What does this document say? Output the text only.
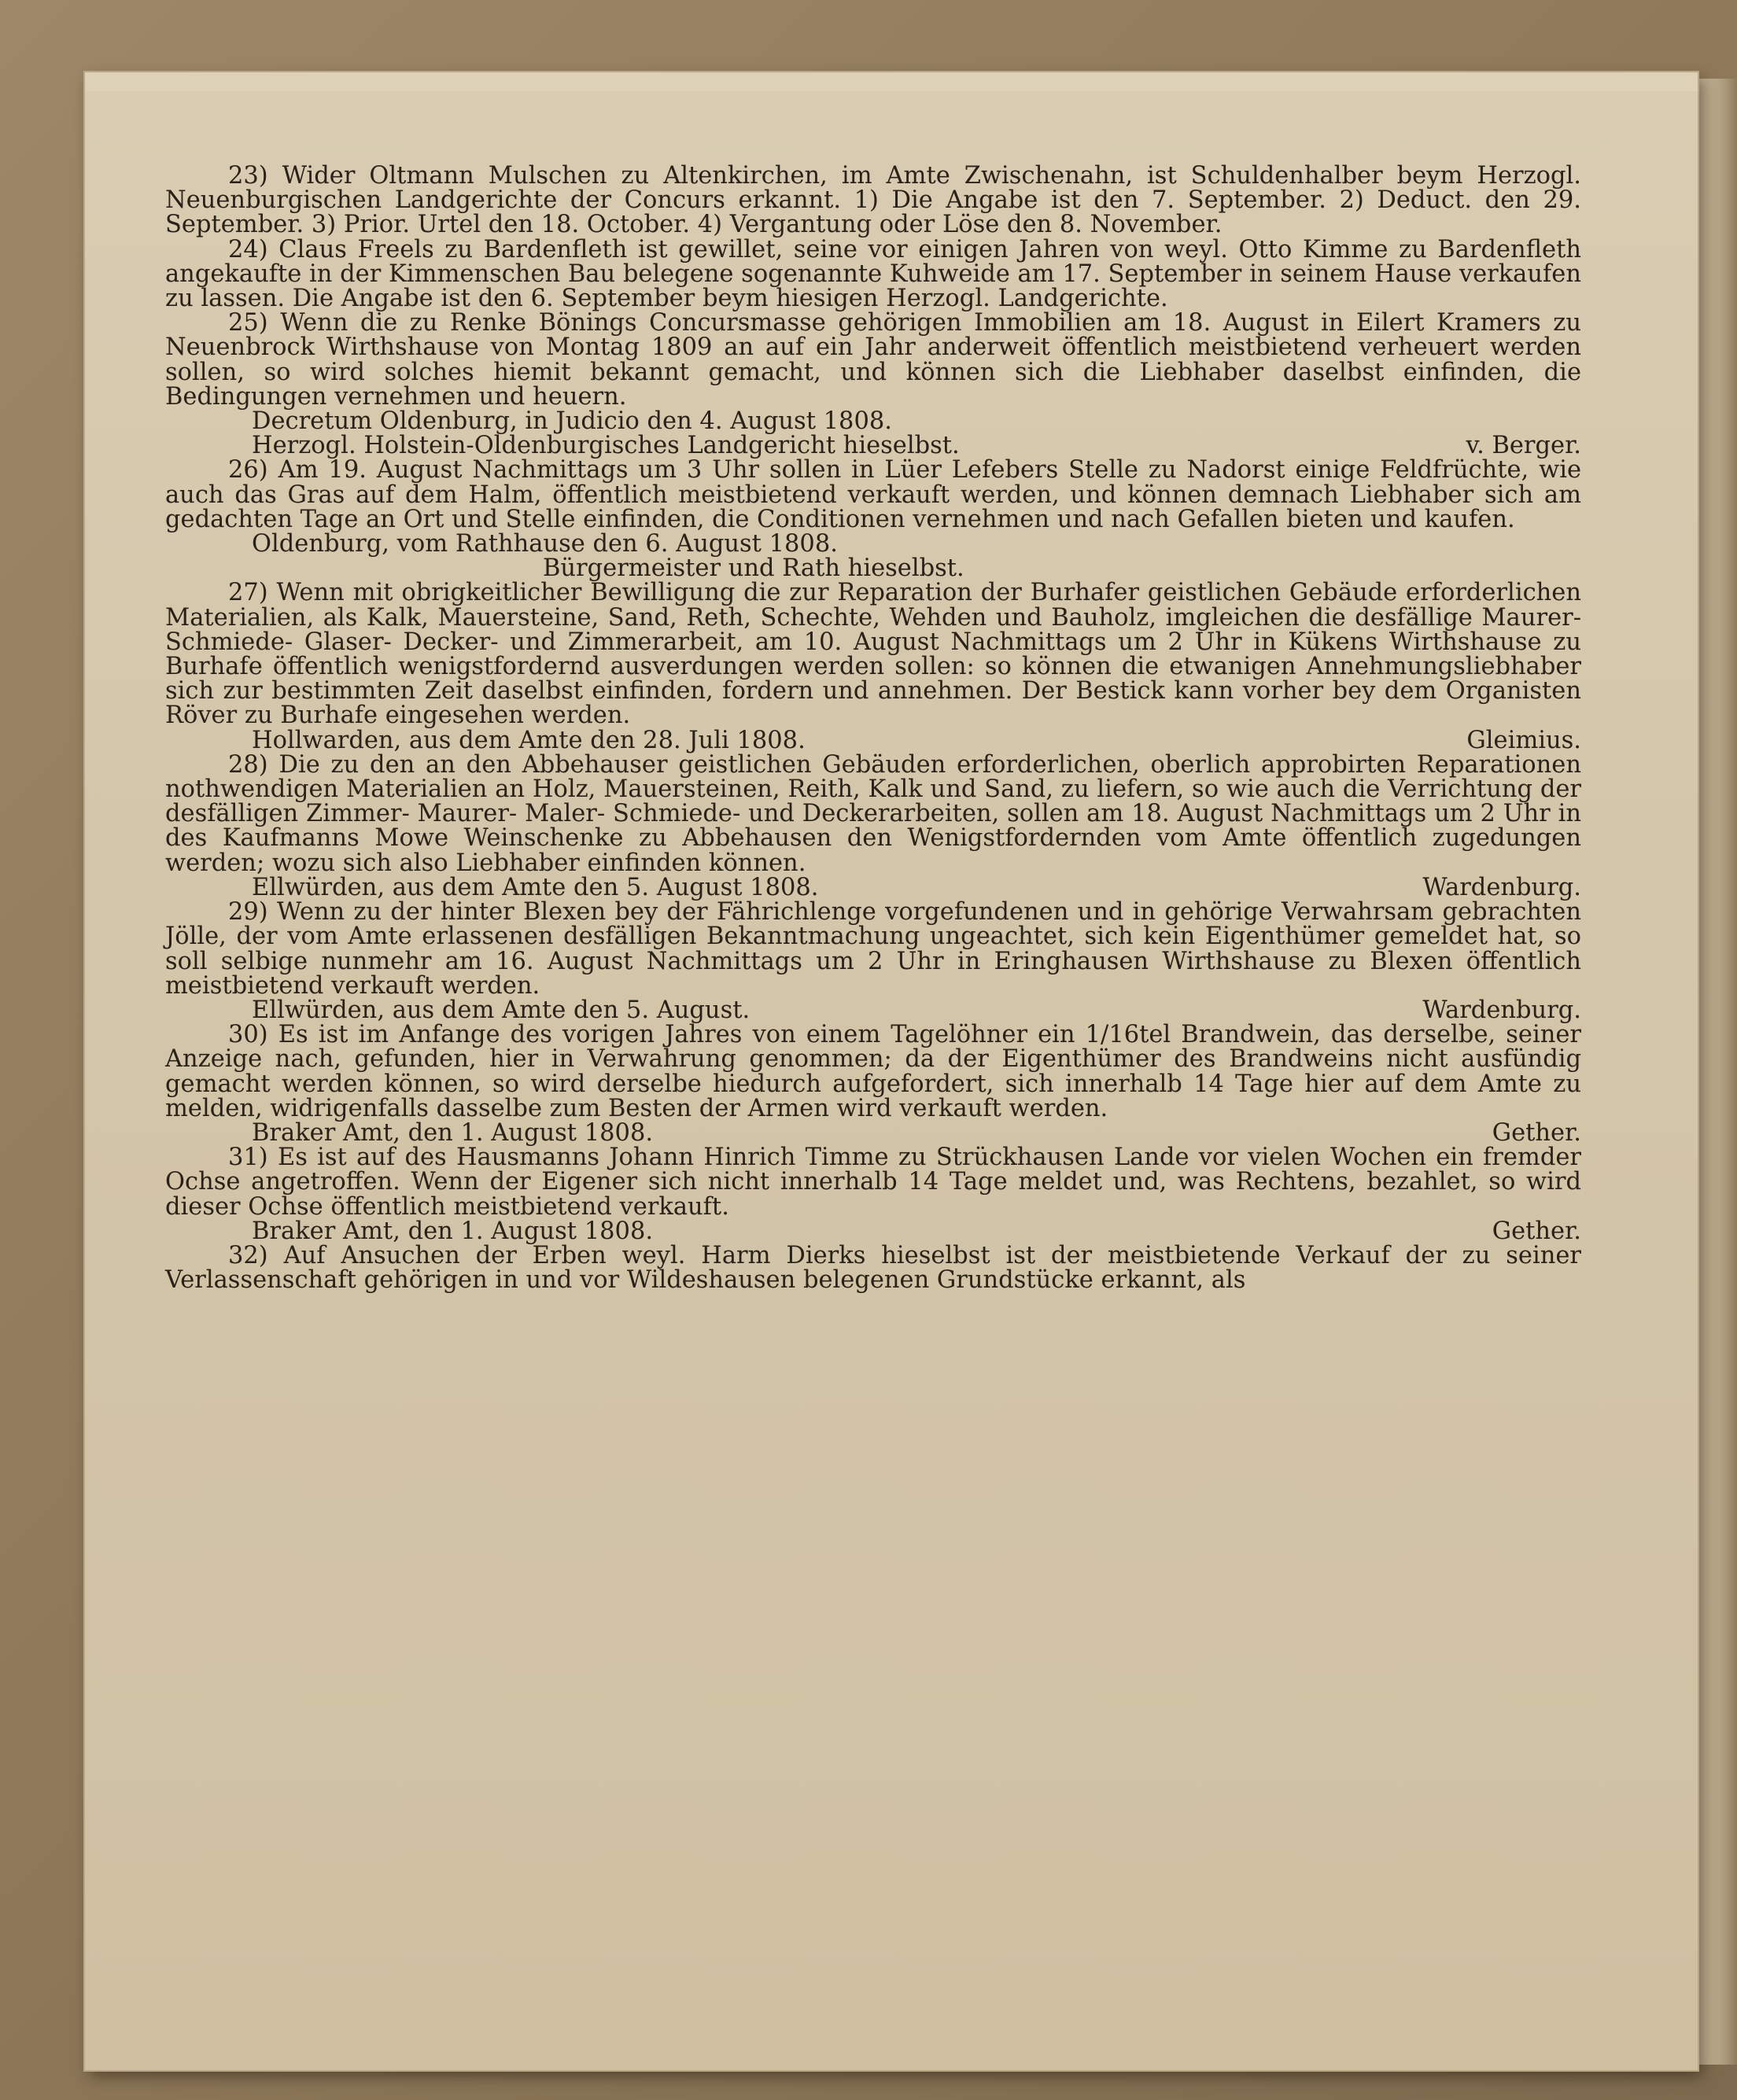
23) Wider Oltmann Mulschen zu Altenkirchen, im Amte Zwischenahn, ist Schuldenhalber beym Herzogl. Neuenburgischen Landgerichte der Concurs erkannt. 1) Die Angabe ist den 7. September. 2) Deduct. den 29. September. 3) Prior. Urtel den 18. October. 4) Vergantung oder Löse den 8. November.

24) Claus Freels zu Bardenfleth ist gewillet, seine vor einigen Jahren von weyl. Otto Kimme zu Bardenfleth angekaufte in der Kimmenschen Bau belegene sogenannte Kuhweide am 17. September in seinem Hause verkaufen zu lassen. Die Angabe ist den 6. September beym hiesigen Herzogl. Landgerichte.

25) Wenn die zu Renke Bönings Concursmasse gehörigen Immobilien am 18. August in Eilert Kramers zu Neuenbrock Wirthshause von Montag 1809 an auf ein Jahr anderweit öffentlich meistbietend verheuert werden sollen, so wird solches hiemit bekannt gemacht, und können sich die Liebhaber daselbst einfinden, die Bedingungen vernehmen und heuern.

Decretum Oldenburg, in Judicio den 4. August 1808.

Herzogl. Holstein-Oldenburgisches Landgericht hieselbst.	v. Berger.

26) Am 19. August Nachmittags um 3 Uhr sollen in Lüer Lefebers Stelle zu Nadorst einige Feldfrüchte, wie auch das Gras auf dem Halm, öffentlich meistbietend verkauft werden, und können demnach Liebhaber sich am gedachten Tage an Ort und Stelle einfinden, die Conditionen vernehmen und nach Gefallen bieten und kaufen.

Oldenburg, vom Rathhause den 6. August 1808.

Bürgermeister und Rath hieselbst.

27) Wenn mit obrigkeitlicher Bewilligung die zur Reparation der Burhafer geistlichen Gebäude erforderlichen Materialien, als Kalk, Mauersteine, Sand, Reth, Schechte, Wehden und Bauholz, imgleichen die desfällige Maurer- Schmiede- Glaser- Decker- und Zimmerarbeit, am 10. August Nachmittags um 2 Uhr in Kükens Wirthshause zu Burhafe öffentlich wenigstfordernd ausverdungen werden sollen: so können die etwanigen Annehmungsliebhaber sich zur bestimmten Zeit daselbst einfinden, fordern und annehmen. Der Bestick kann vorher bey dem Organisten Röver zu Burhafe eingesehen werden.

Hollwarden, aus dem Amte den 28. Juli 1808.	Gleimius.

28) Die zu den an den Abbehauser geistlichen Gebäuden erforderlichen, oberlich approbirten Reparationen nothwendigen Materialien an Holz, Mauersteinen, Reith, Kalk und Sand, zu liefern, so wie auch die Verrichtung der desfälligen Zimmer- Maurer- Maler- Schmiede- und Deckerarbeiten, sollen am 18. August Nachmittags um 2 Uhr in des Kaufmanns Mowe Weinschenke zu Abbehausen den Wenigstfordernden vom Amte öffentlich zugedungen werden; wozu sich also Liebhaber einfinden können.

Ellwürden, aus dem Amte den 5. August 1808.	Wardenburg.

29) Wenn zu der hinter Blexen bey der Fährichlenge vorgefundenen und in gehörige Verwahrsam gebrachten Jölle, der vom Amte erlassenen desfälligen Bekanntmachung ungeachtet, sich kein Eigenthümer gemeldet hat, so soll selbige nunmehr am 16. August Nachmittags um 2 Uhr in Eringhausen Wirthshause zu Blexen öffentlich meistbietend verkauft werden.

Ellwürden, aus dem Amte den 5. August.	Wardenburg.

30) Es ist im Anfange des vorigen Jahres von einem Tagelöhner ein 1/16tel Brandwein, das derselbe, seiner Anzeige nach, gefunden, hier in Verwahrung genommen; da der Eigenthümer des Brandweins nicht ausfündig gemacht werden können, so wird derselbe hiedurch aufgefordert, sich innerhalb 14 Tage hier auf dem Amte zu melden, widrigenfalls dasselbe zum Besten der Armen wird verkauft werden.

Braker Amt, den 1. August 1808.	Gether.

31) Es ist auf des Hausmanns Johann Hinrich Timme zu Strückhausen Lande vor vielen Wochen ein fremder Ochse angetroffen. Wenn der Eigener sich nicht innerhalb 14 Tage meldet und, was Rechtens, bezahlet, so wird dieser Ochse öffentlich meistbietend verkauft.

Braker Amt, den 1. August 1808.	Gether.

32) Auf Ansuchen der Erben weyl. Harm Dierks hieselbst ist der meistbietende Verkauf der zu seiner Verlassenschaft gehörigen in und vor Wildeshausen belegenen Grundstücke erkannt, als
